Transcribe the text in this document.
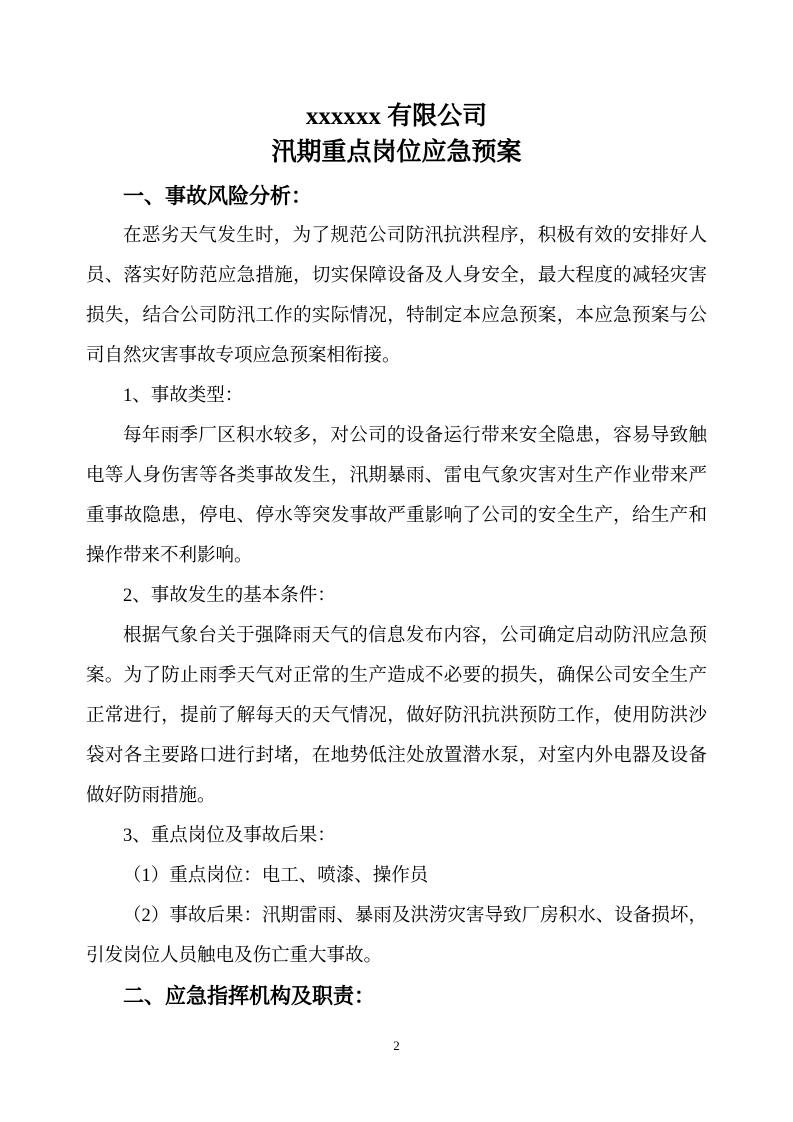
xxxxxx 有限公司
汛期重点岗位应急预案
一、事故风险分析：
在恶劣天气发生时，为了规范公司防汛抗洪程序，积极有效的安排好人员、落实好防范应急措施，切实保障设备及人身安全，最大程度的减轻灾害损失，结合公司防汛工作的实际情况，特制定本应急预案，本应急预案与公司自然灾害事故专项应急预案相衔接。
1、事故类型：
每年雨季厂区积水较多，对公司的设备运行带来安全隐患，容易导致触电等人身伤害等各类事故发生，汛期暴雨、雷电气象灾害对生产作业带来严重事故隐患，停电、停水等突发事故严重影响了公司的安全生产，给生产和操作带来不利影响。
2、事故发生的基本条件：
根据气象台关于强降雨天气的信息发布内容，公司确定启动防汛应急预案。为了防止雨季天气对正常的生产造成不必要的损失，确保公司安全生产正常进行，提前了解每天的天气情况，做好防汛抗洪预防工作，使用防洪沙袋对各主要路口进行封堵，在地势低注处放置潜水泵，对室内外电器及设备做好防雨措施。
3、重点岗位及事故后果：
（1）重点岗位：电工、喷漆、操作员
（2）事故后果：汛期雷雨、暴雨及洪涝灾害导致厂房积水、设备损坏，引发岗位人员触电及伤亡重大事故。
二、应急指挥机构及职责：
2
